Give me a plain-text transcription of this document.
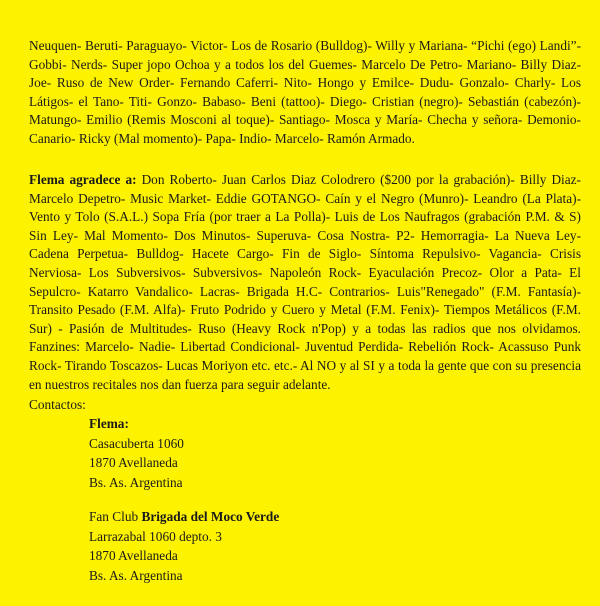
Neuquen- Beruti- Paraguayo- Victor- Los de Rosario (Bulldog)- Willy y Mariana- “Pichi (ego) Landi”- Gobbi- Nerds- Super jopo Ochoa y a todos los del Guemes- Marcelo De Petro- Mariano- Billy Diaz- Joe- Ruso de New Order- Fernando Caferri- Nito- Hongo y Emilce- Dudu- Gonzalo- Charly- Los Látigos- el Tano- Titi- Gonzo- Babaso- Beni (tattoo)- Diego- Cristian (negro)- Sebastián (cabezón)- Matungo- Emilio (Remis Mosconi al toque)- Santiago- Mosca y María- Checha y señora- Demonio- Canario- Ricky (Mal momento)- Papa- Indio- Marcelo- Ramón Armado.

Flema agradece a: Don Roberto- Juan Carlos Diaz Colodrero ($200 por la grabación)- Billy Diaz- Marcelo Depetro- Music Market- Eddie GOTANGO- Caín y el Negro (Munro)- Leandro (La Plata)- Vento y Tolo (S.A.L.) Sopa Fría (por traer a La Polla)- Luis de Los Naufragos (grabación P.M. & S) Sin Ley- Mal Momento- Dos Minutos- Superuva- Cosa Nostra- P2- Hemorragia- La Nueva Ley- Cadena Perpetua- Bulldog- Hacete Cargo- Fin de Siglo- Síntoma Repulsivo- Vagancia- Crisis Nerviosa- Los Subversivos- Subversivos- Napoleón Rock- Eyaculación Precoz- Olor a Pata- El Sepulcro- Katarro Vandalico- Lacras- Brigada H.C- Contrarios- Luis"Renegado" (F.M. Fantasía)- Transito Pesado (F.M. Alfa)- Fruto Podrido y Cuero y Metal (F.M. Fenix)- Tiempos Metálicos (F.M. Sur) - Pasión de Multitudes- Ruso (Heavy Rock n'Pop) y a todas las radios que nos olvidamos. Fanzines: Marcelo- Nadie- Libertad Condicional- Juventud Perdida- Rebelión Rock- Acassuso Punk Rock- Tirando Toscazos- Lucas Moriyon etc. etc.- Al NO y al SI y a toda la gente que con su presencia en nuestros recitales nos dan fuerza para seguir adelante.

Contactos:
Flema:
Casacuberta 1060
1870 Avellaneda
Bs. As. Argentina
Fan Club Brigada del Moco Verde
Larrazabal 1060 depto. 3
1870 Avellaneda
Bs. As. Argentina
